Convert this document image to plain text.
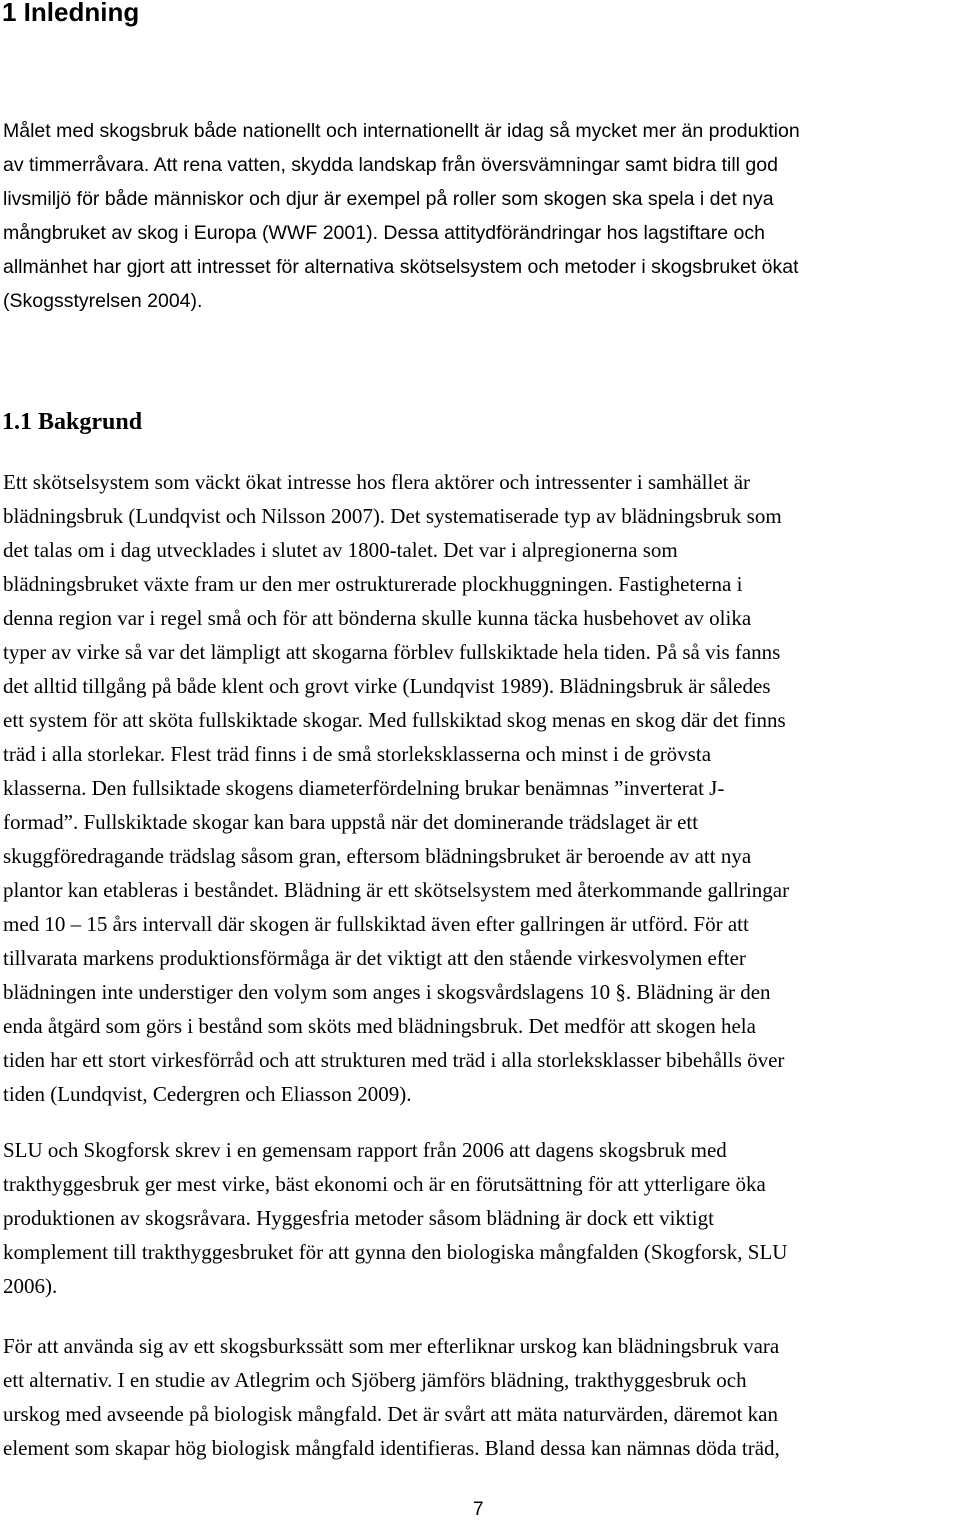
1 Inledning
Målet med skogsbruk både nationellt och internationellt är idag så mycket mer än produktion
av timmerråvara. Att rena vatten, skydda landskap från översvämningar samt bidra till god
livsmiljö för både människor och djur är exempel på roller som skogen ska spela i det nya
mångbruket av skog i Europa (WWF 2001). Dessa attitydförändringar hos lagstiftare och
allmänhet har gjort att intresset för alternativa skötselsystem och metoder i skogsbruket ökat
(Skogsstyrelsen 2004).
1.1 Bakgrund
Ett skötselsystem som väckt ökat intresse hos flera aktörer och intressenter i samhället är
blädningsbruk (Lundqvist och Nilsson 2007). Det systematiserade typ av blädningsbruk som
det talas om i dag utvecklades i slutet av 1800-talet. Det var i alpregionerna som
blädningsbruket växte fram ur den mer ostrukturerade plockhuggningen. Fastigheterna i
denna region var i regel små och för att bönderna skulle kunna täcka husbehovet av olika
typer av virke så var det lämpligt att skogarna förblev fullskiktade hela tiden. På så vis fanns
det alltid tillgång på både klent och grovt virke (Lundqvist 1989). Blädningsbruk är således
ett system för att sköta fullskiktade skogar. Med fullskiktad skog menas en skog där det finns
träd i alla storlekar. Flest träd finns i de små storleksklasserna och minst i de grövsta
klasserna. Den fullsiktade skogens diameterfördelning brukar benämnas ”inverterat J-
formad”. Fullskiktade skogar kan bara uppstå när det dominerande trädslaget är ett
skuggföredragande trädslag såsom gran, eftersom blädningsbruket är beroende av att nya
plantor kan etableras i beståndet. Blädning är ett skötselsystem med återkommande gallringar
med 10 – 15 års intervall där skogen är fullskiktad även efter gallringen är utförd. För att
tillvarata markens produktionsförmåga är det viktigt att den stående virkesvolymen efter
blädningen inte understiger den volym som anges i skogsvårdslagens 10 §. Blädning är den
enda åtgärd som görs i bestånd som sköts med blädningsbruk. Det medför att skogen hela
tiden har ett stort virkesförråd och att strukturen med träd i alla storleksklasser bibehålls över
tiden (Lundqvist, Cedergren och Eliasson 2009).
SLU och Skogforsk skrev i en gemensam rapport från 2006 att dagens skogsbruk med
trakthyggesbruk ger mest virke, bäst ekonomi och är en förutsättning för att ytterligare öka
produktionen av skogsråvara. Hyggesfria metoder såsom blädning är dock ett viktigt
komplement till trakthyggesbruket för att gynna den biologiska mångfalden (Skogforsk, SLU
2006).
För att använda sig av ett skogsburkssätt som mer efterliknar urskog kan blädningsbruk vara
ett alternativ. I en studie av Atlegrim och Sjöberg jämförs blädning, trakthyggesbruk och
urskog med avseende på biologisk mångfald. Det är svårt att mäta naturvärden, däremot kan
element som skapar hög biologisk mångfald identifieras. Bland dessa kan nämnas döda träd,
7
